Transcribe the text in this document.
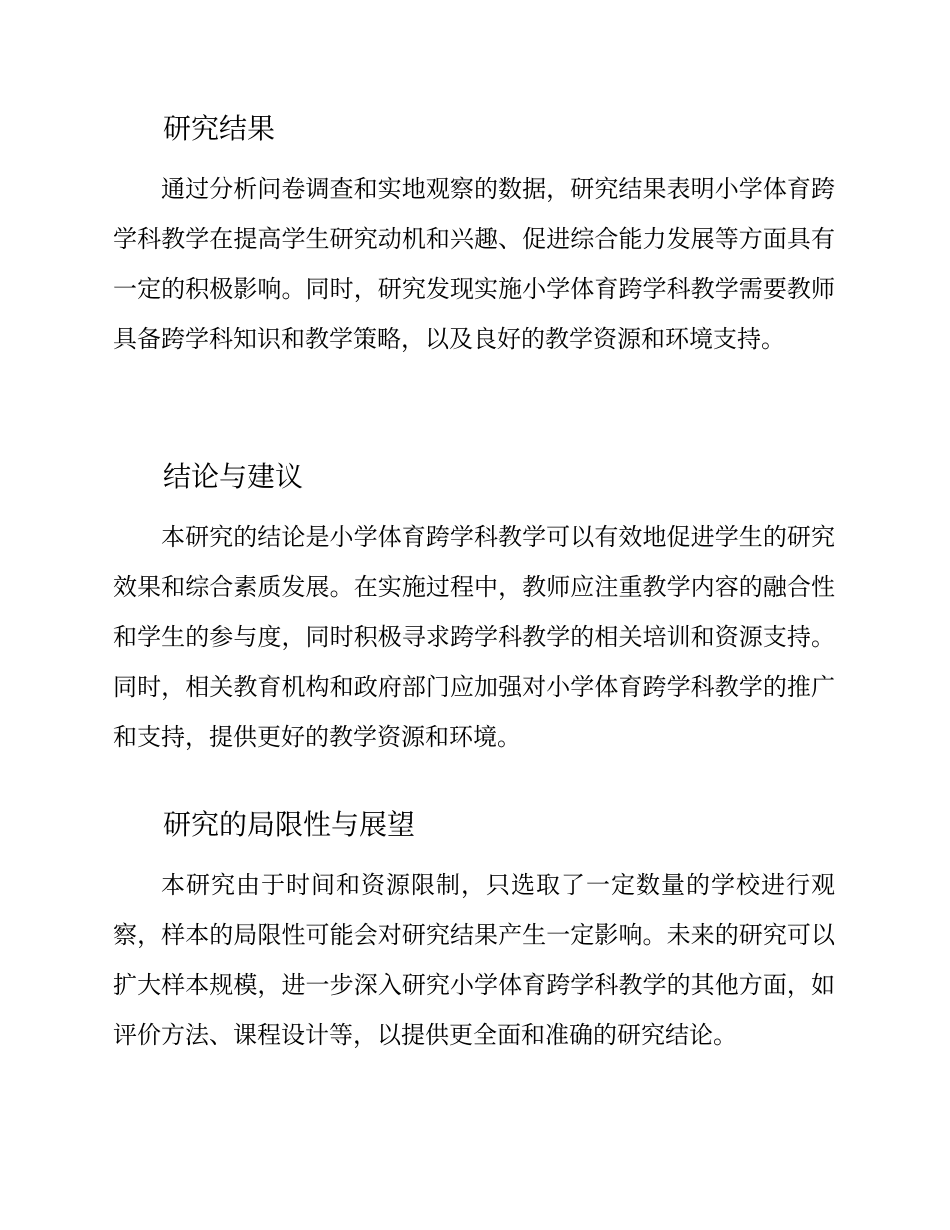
研究结果

通过分析问卷调查和实地观察的数据，研究结果表明小学体育跨学科教学在提高学生研究动机和兴趣、促进综合能力发展等方面具有一定的积极影响。同时，研究发现实施小学体育跨学科教学需要教师具备跨学科知识和教学策略，以及良好的教学资源和环境支持。

结论与建议

本研究的结论是小学体育跨学科教学可以有效地促进学生的研究效果和综合素质发展。在实施过程中，教师应注重教学内容的融合性和学生的参与度，同时积极寻求跨学科教学的相关培训和资源支持。同时，相关教育机构和政府部门应加强对小学体育跨学科教学的推广和支持，提供更好的教学资源和环境。

研究的局限性与展望

本研究由于时间和资源限制，只选取了一定数量的学校进行观察，样本的局限性可能会对研究结果产生一定影响。未来的研究可以扩大样本规模，进一步深入研究小学体育跨学科教学的其他方面，如评价方法、课程设计等，以提供更全面和准确的研究结论。
